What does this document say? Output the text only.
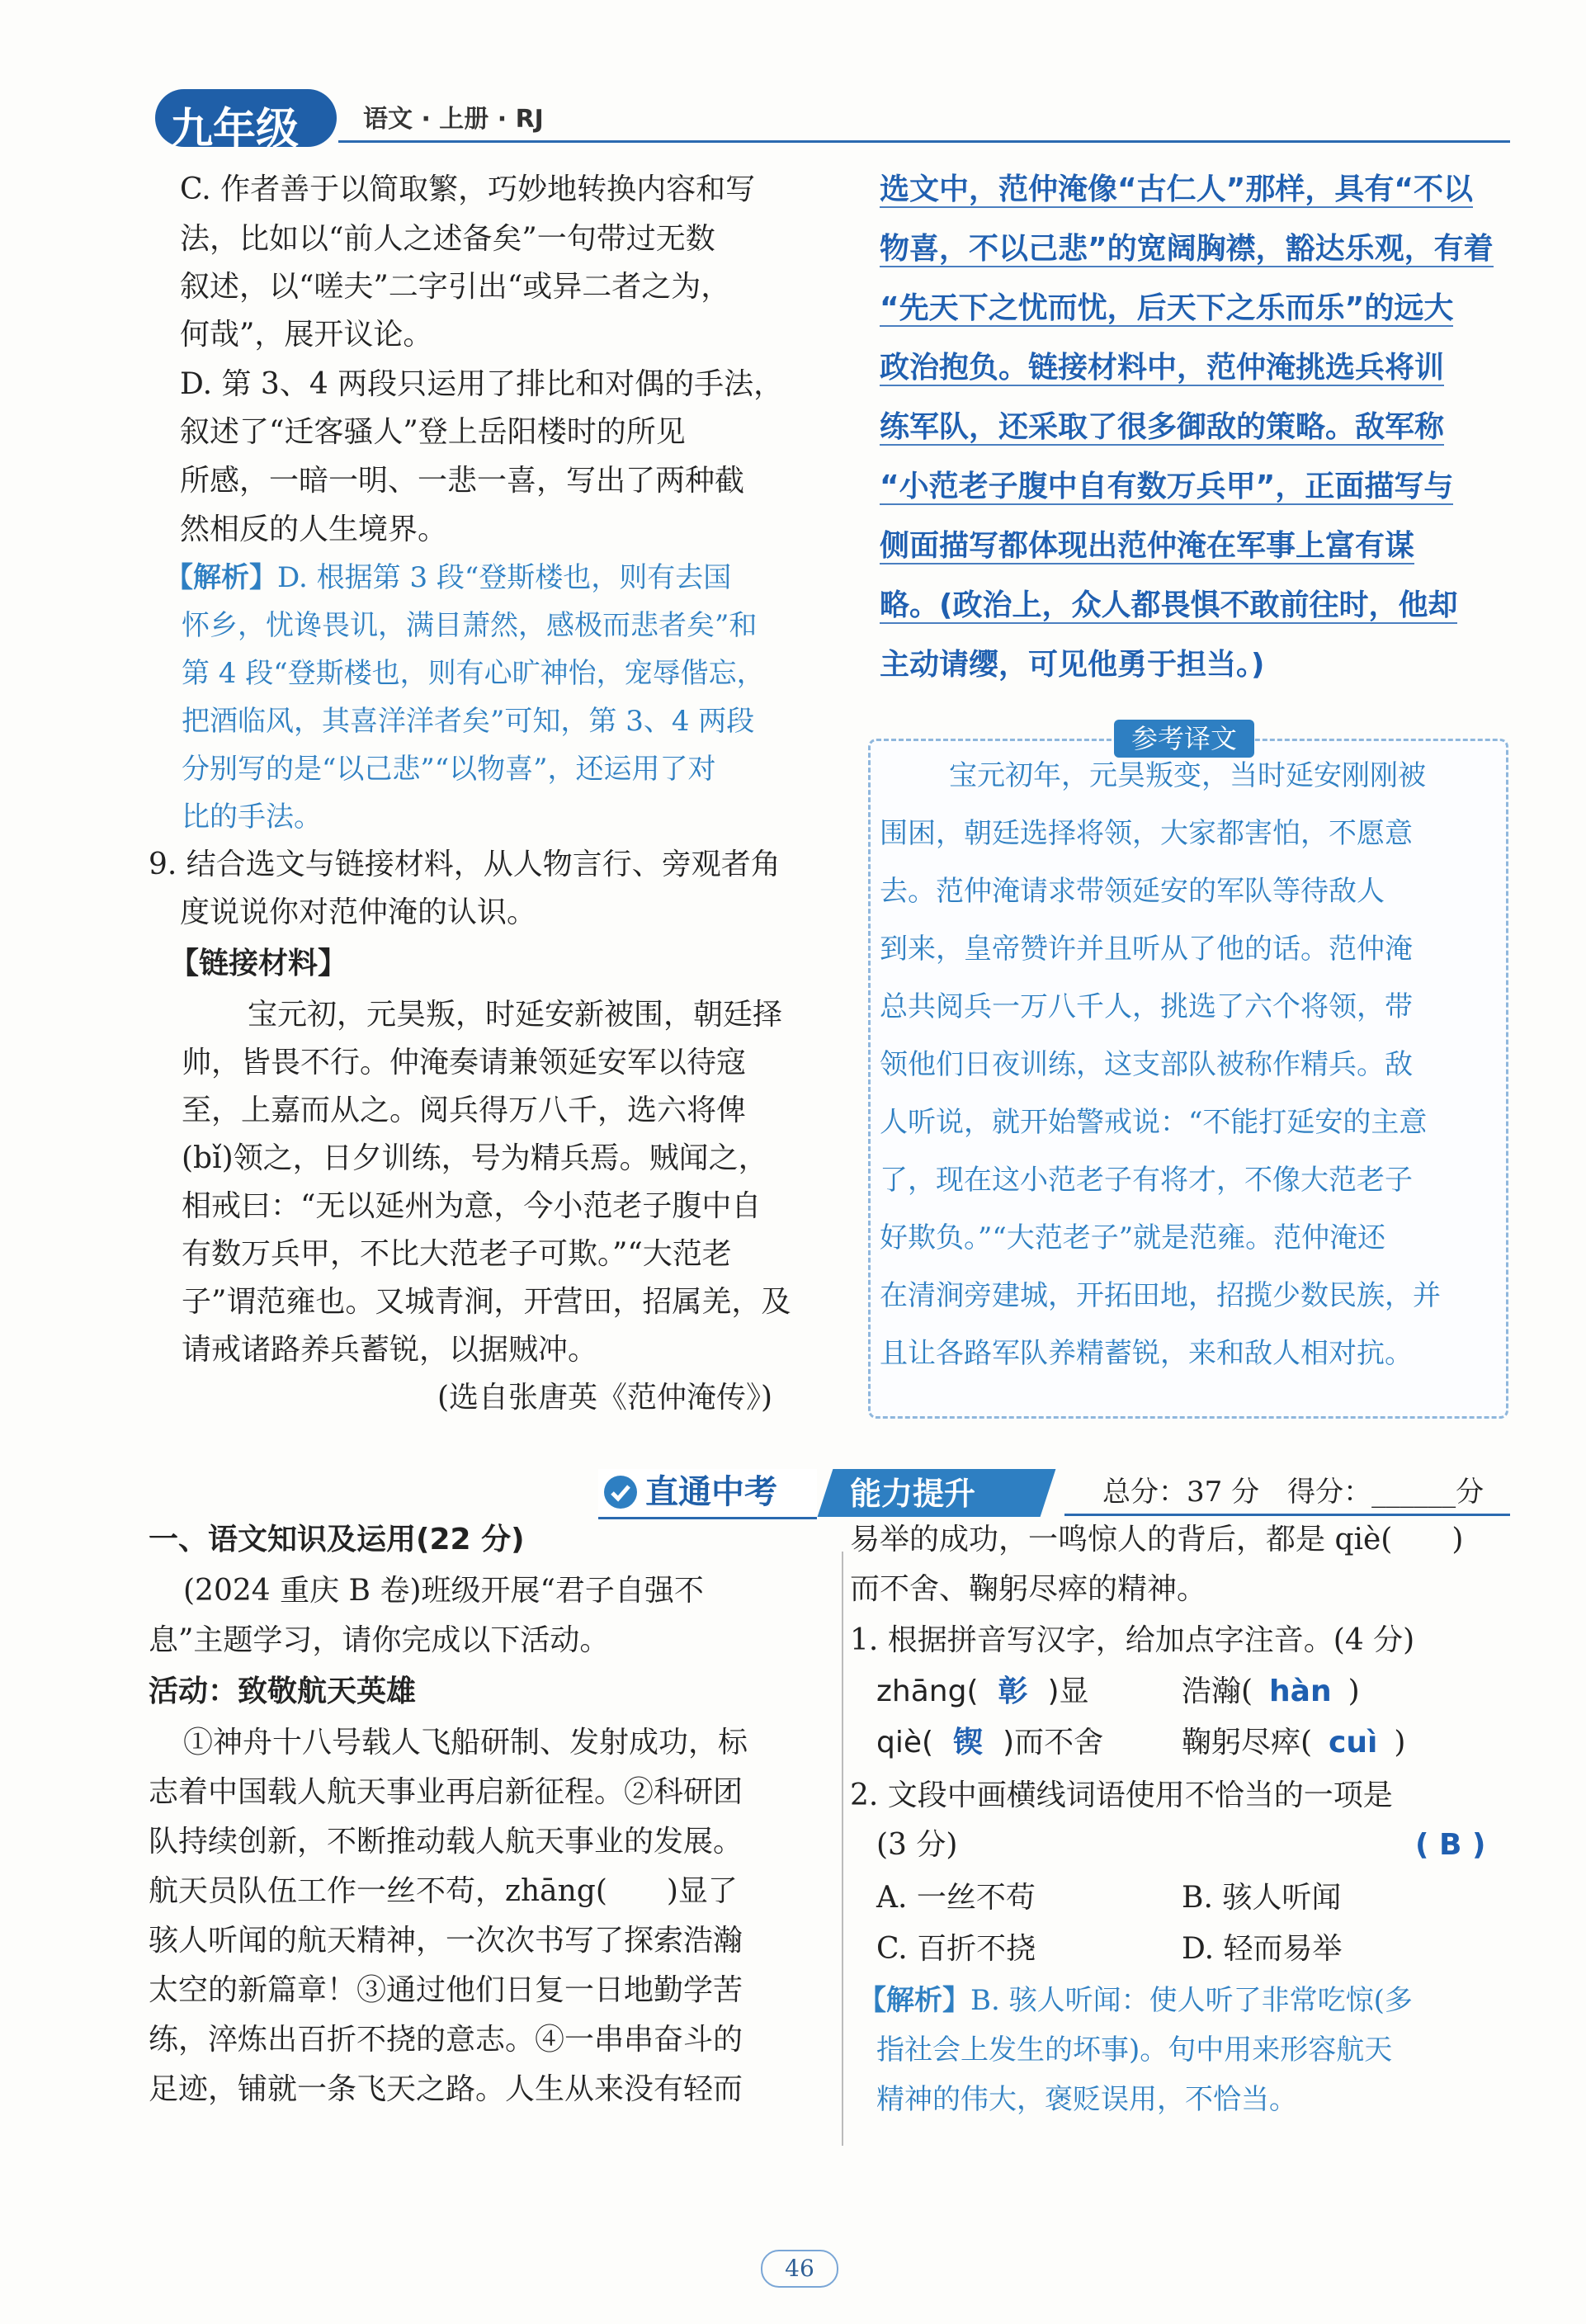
九年级	语文 · 上册 · RJ
C. 作者善于以简取繁，巧妙地转换内容和写
法，比如以“前人之述备矣”一句带过无数
叙述，以“嗟夫”二字引出“或异二者之为，
何哉”，展开议论。
D. 第 3、4 两段只运用了排比和对偶的手法，
叙述了“迁客骚人”登上岳阳楼时的所见
所感，一暗一明、一悲一喜，写出了两种截
然相反的人生境界。
【解析】D. 根据第 3 段“登斯楼也，则有去国
怀乡，忧谗畏讥，满目萧然，感极而悲者矣”和
第 4 段“登斯楼也，则有心旷神怡，宠辱偕忘，
把酒临风，其喜洋洋者矣”可知，第 3、4 两段
分别写的是“以己悲”“以物喜”，还运用了对
比的手法。
9. 结合选文与链接材料，从人物言行、旁观者角
度说说你对范仲淹的认识。
【链接材料】
宝元初，元昊叛，时延安新被围，朝廷择
帅，皆畏不行。仲淹奏请兼领延安军以待寇
至，上嘉而从之。阅兵得万八千，选六将俾
(bǐ)领之，日夕训练，号为精兵焉。贼闻之，
相戒曰：“无以延州为意，今小范老子腹中自
有数万兵甲，不比大范老子可欺。”“大范老
子”谓范雍也。又城青涧，开营田，招属羌，及
请戒诸路养兵蓄锐，以据贼冲。
(选自张唐英《范仲淹传》)
选文中，范仲淹像“古仁人”那样，具有“不以
物喜，不以己悲”的宽阔胸襟，豁达乐观，有着
“先天下之忧而忧，后天下之乐而乐”的远大
政治抱负。链接材料中，范仲淹挑选兵将训
练军队，还采取了很多御敌的策略。敌军称
“小范老子腹中自有数万兵甲”，正面描写与
侧面描写都体现出范仲淹在军事上富有谋
略。(政治上，众人都畏惧不敢前往时，他却
主动请缨，可见他勇于担当。)
参考译文
宝元初年，元昊叛变，当时延安刚刚被
围困，朝廷选择将领，大家都害怕，不愿意
去。范仲淹请求带领延安的军队等待敌人
到来，皇帝赞许并且听从了他的话。范仲淹
总共阅兵一万八千人，挑选了六个将领，带
领他们日夜训练，这支部队被称作精兵。敌
人听说，就开始警戒说：“不能打延安的主意
了，现在这小范老子有将才，不像大范老子
好欺负。”“大范老子”就是范雍。范仲淹还
在清涧旁建城，开拓田地，招揽少数民族，并
且让各路军队养精蓄锐，来和敌人相对抗。
直通中考 能力提升	总分：37 分　得分：______分
一、语文知识及运用(22 分)
(2024 重庆 B 卷)班级开展“君子自强不
息”主题学习，请你完成以下活动。
活动：致敬航天英雄
①神舟十八号载人飞船研制、发射成功，标
志着中国载人航天事业再启新征程。②科研团
队持续创新，不断推动载人航天事业的发展。
航天员队伍工作一丝不苟，zhāng(　　)显了
骇人听闻的航天精神，一次次书写了探索浩瀚
太空的新篇章！③通过他们日复一日地勤学苦
练，淬炼出百折不挠的意志。④一串串奋斗的
足迹，铺就一条飞天之路。人生从来没有轻而
易举的成功，一鸣惊人的背后，都是 qiè(　　)
而不舍、鞠躬尽瘁的精神。
1. 根据拼音写汉字，给加点字注音。(4 分)
zhāng( 彰 )显	浩瀚( hàn )
qiè( 锲 )而不舍	鞠躬尽瘁( cuì )
2. 文段中画横线词语使用不恰当的一项是
(3 分)	( B )
A. 一丝不苟	B. 骇人听闻
C. 百折不挠	D. 轻而易举
【解析】B. 骇人听闻：使人听了非常吃惊(多
指社会上发生的坏事)。句中用来形容航天
精神的伟大，褒贬误用，不恰当。
46
